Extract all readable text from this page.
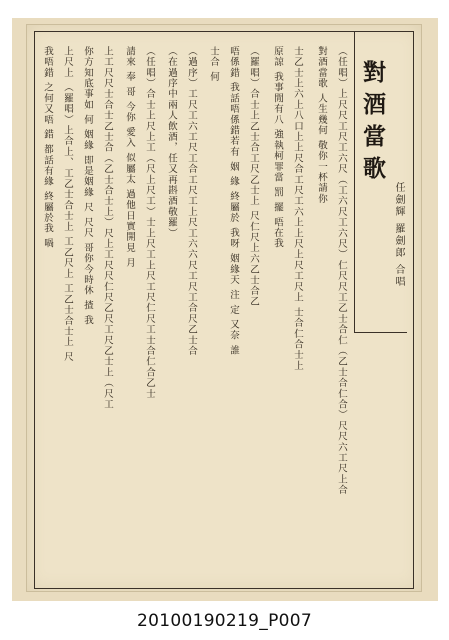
對酒當歌
任劍輝 羅劍郎 合唱
（任唱）上尺尺工尺工六尺（工六尺工六尺）仁尺尺工乙士合仁（乙士合仁合）尺尺六工尺上合
對酒當歌 人生幾何 敬你一杯請你
士乙士上六上八口上上尺合工尺工六上上尺上尺工尺上 士合仁合士上
原諒 我事閒有八 強執柯罪當 罰 擺 唔在我
（羅唱）合士上乙士合工尺乙士上 尺仁尺上六乙士合乙
唔係錯 我話唔係錯若有 姻 緣 終屬於 我呀 姻緣天 注 定 又奈 誰
士合 何
（過序）工尺工六工尺工合工尺工上尺工六六尺工尺工合尺乙士合
（在過序中兩人飲酒，任又再斟酒敬羅）
（任唱）合士上尺上工（尺上尺工）士上尺工上尺工尺仁尺工士合仁合乙士
請來 奉 哥 今你 愛入 似屬太 過他日實開見 月
上工尺尺士合士乙士合（乙士合士上）尺上工尺尺仁尺乙尺工尺乙士上（尺工
你方知底事如 何 姻緣 即是姻緣 尺 尺尺 哥你今時休 揸 我
上尺上 （羅唱）上合上、工乙士合士上 工乙尺上 工乙士合士上 尺
我唔錯 之何又唔 錯 都話有緣 終屬於我 喎
20100190219_P007
